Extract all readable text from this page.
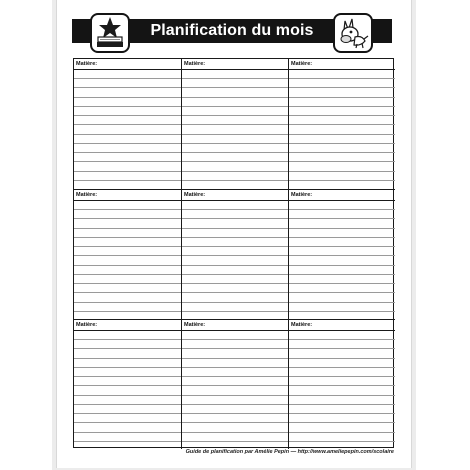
Planification du mois
Matière:	Matière:	Matière:
Matière:	Matière:	Matière:
Matière:	Matière:	Matière:
Guide de planification par Amélie Pepin — http://www.ameliepepin.com/scolaire
